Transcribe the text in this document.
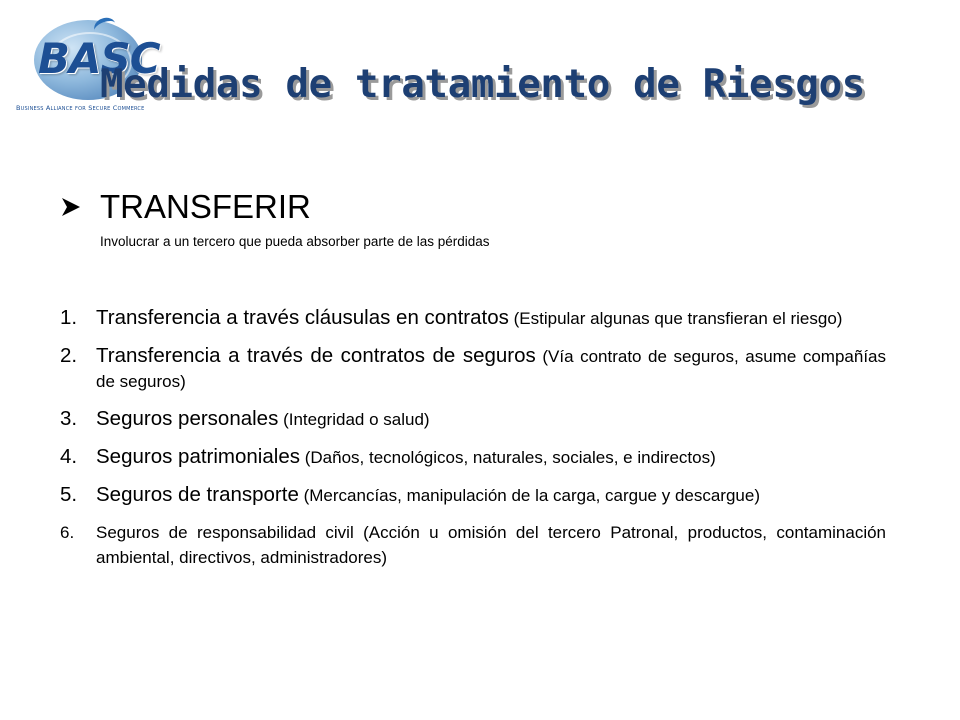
BASC
Business Alliance for Secure Commerce
Medidas de tratamiento de Riesgos
TRANSFERIR
Involucrar a un tercero que pueda absorber parte de las pérdidas
1. Transferencia a través cláusulas en contratos (Estipular algunas que transfieran el riesgo)
2. Transferencia a través de contratos de seguros (Vía contrato de seguros, asume compañías de seguros)
3. Seguros personales (Integridad o salud)
4. Seguros patrimoniales (Daños, tecnológicos, naturales, sociales, e indirectos)
5. Seguros de transporte (Mercancías, manipulación de la carga, cargue y descargue)
6. Seguros de responsabilidad civil (Acción u omisión del tercero Patronal, productos, contaminación ambiental, directivos, administradores)
